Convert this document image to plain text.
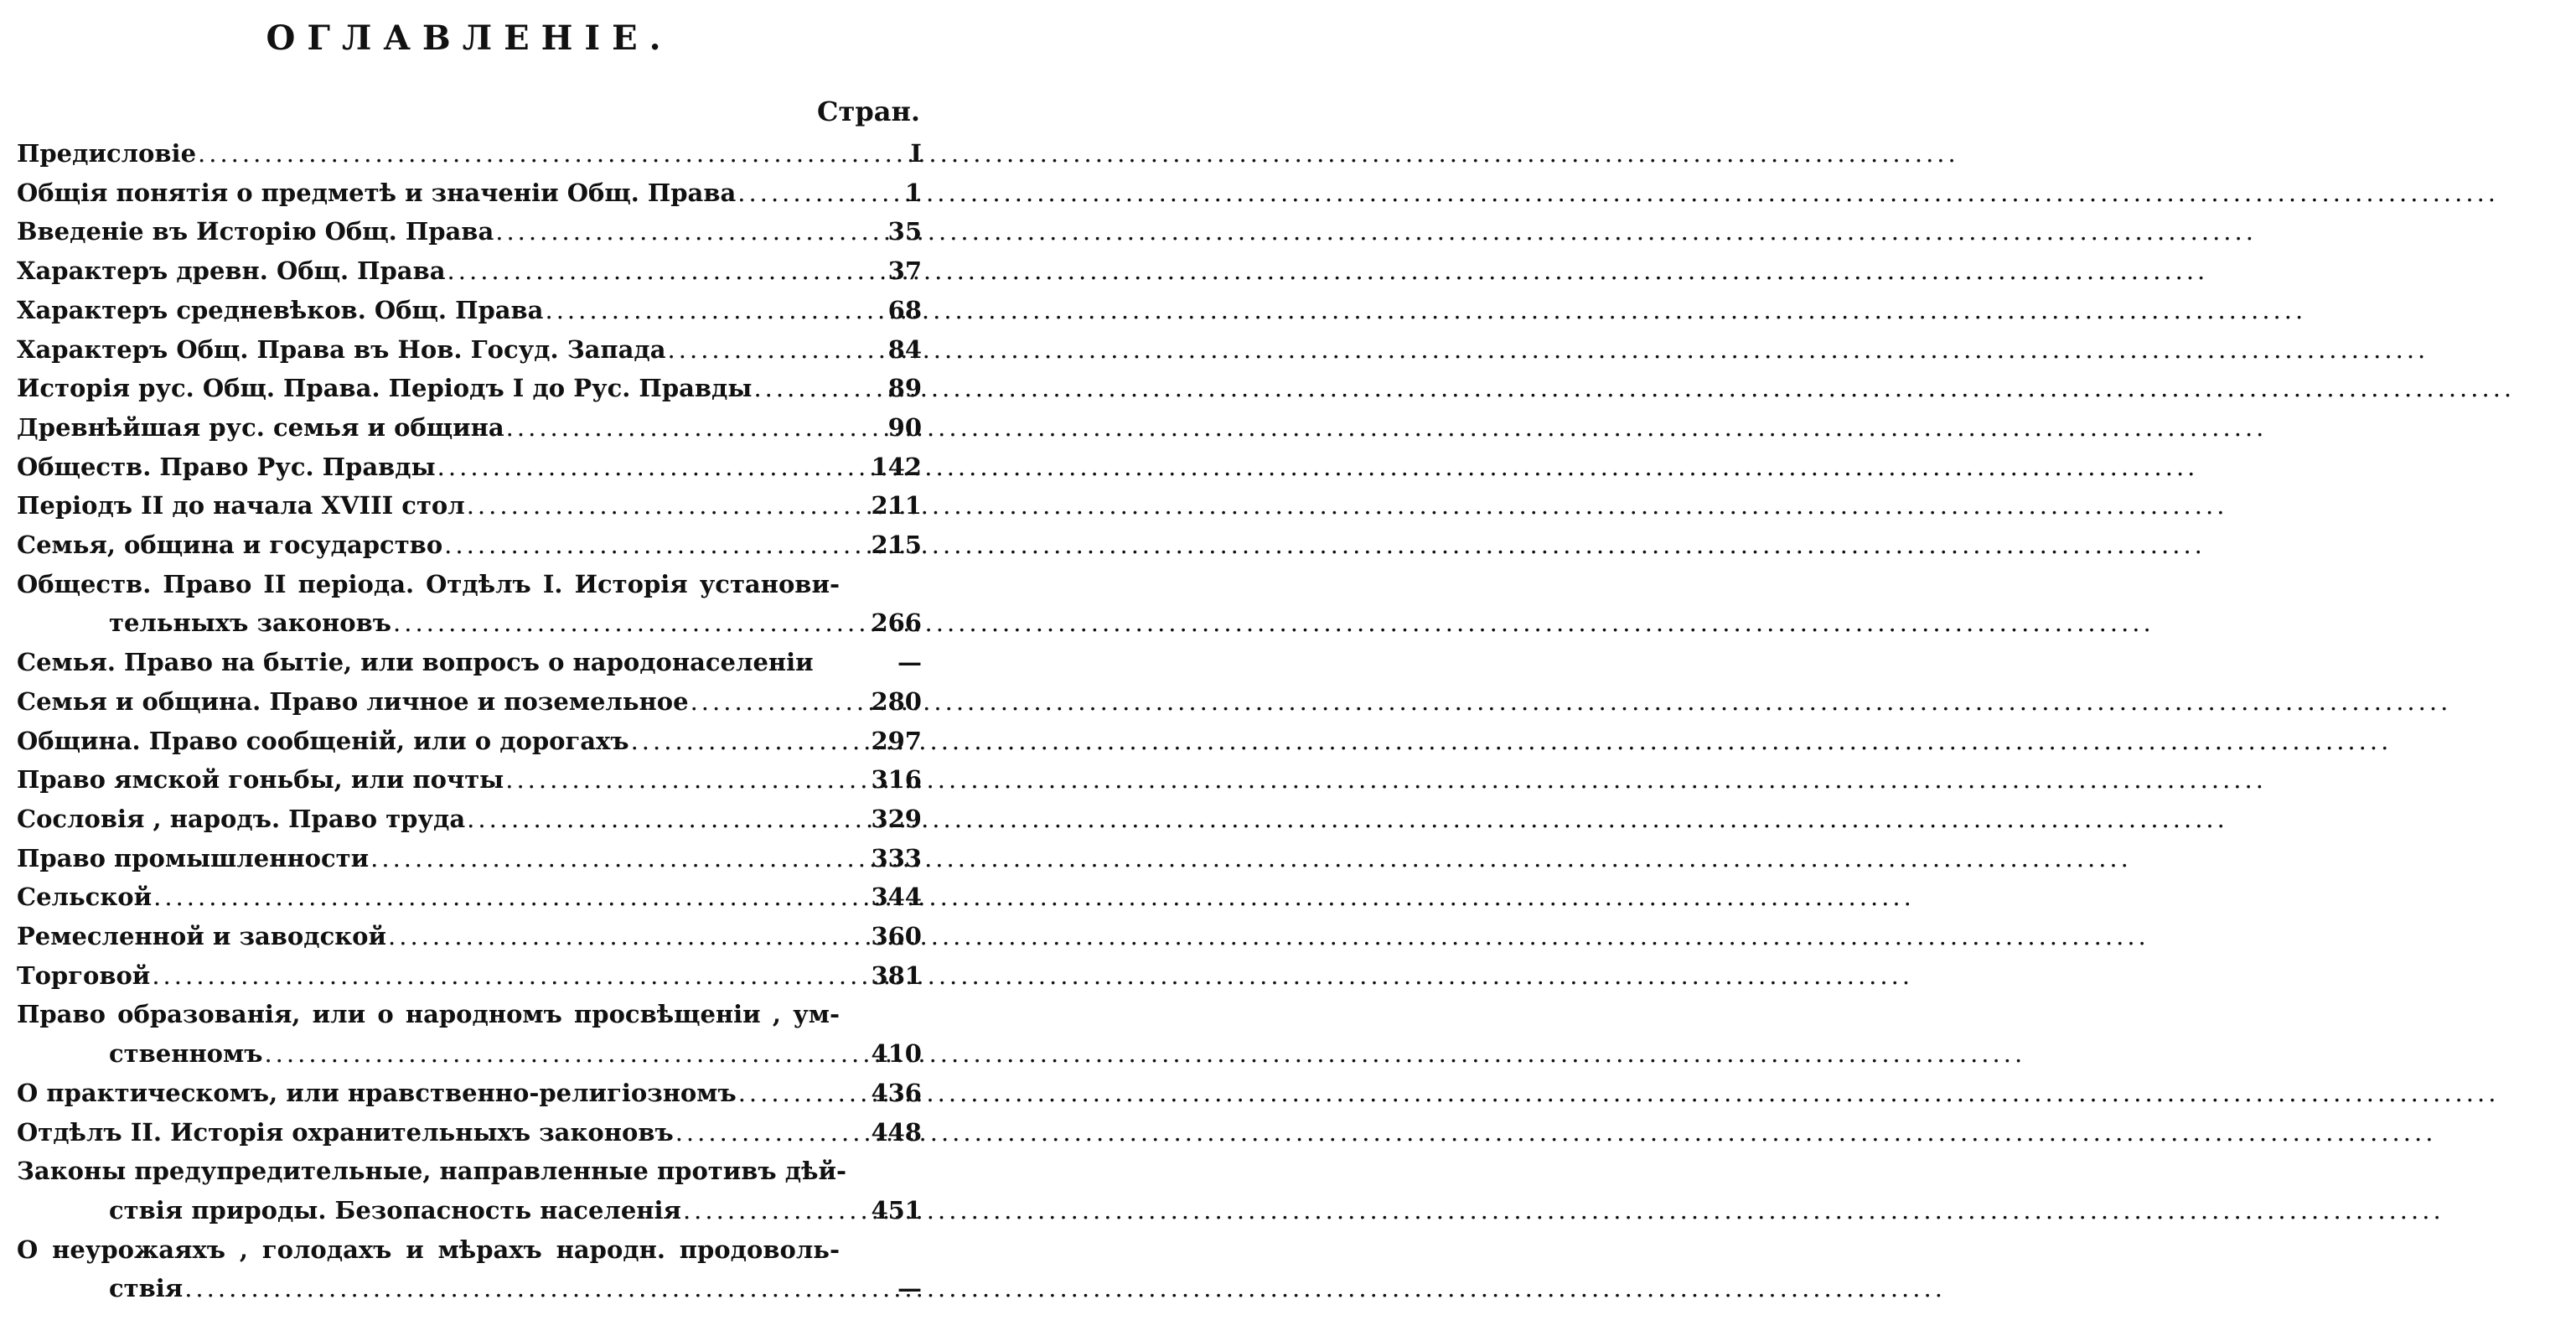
ОГЛАВЛЕНІЕ.
Стран.
Предисловіе .....	I
Общія понятія о предметѣ и значеніи Общ. Права .....	1
Введеніе въ Исторію Общ. Права .....	35
Характеръ древн. Общ. Права .....	37
Характеръ средневѣков. Общ. Права .....	68
Характеръ Общ. Права въ Нов. Госуд. Запада .....	84
Исторія рус. Общ. Права. Періодъ I до Рус. Правды .....	89
Древнѣйшая рус. семья и община .....	90
Обществ. Право Рус. Правды .....	142
Періодъ II до начала XVIII стол .....	211
Семья, община и государство .....	215
Обществ. Право II періода. Отдѣлъ I. Исторія установи-
тельныхъ законовъ .....	266
Семья. Право на бытіе, или вопросъ о народонаселеніи	—
Семья и община. Право личное и поземельное .....	280
Община. Право сообщеній, или о дорогахъ .....	297
Право ямской гоньбы, или почты .....	316
Сословія , народъ. Право труда .....	329
Право промышленности .....	333
Сельской .....	344
Ремесленной и заводской .....	360
Торговой .....	381
Право образованія, или о народномъ просвѣщеніи , ум-
ственномъ .....	410
О практическомъ, или нравственно-религіозномъ .....	436
Отдѣлъ II. Исторія охранительныхъ законовъ .....	448
Законы предупредительные, направленные противъ дѣй-
ствія природы. Безопасность населенія .....	451
О неурожаяхъ , голодахъ и мѣрахъ народн. продоволь-
ствія .....	—
